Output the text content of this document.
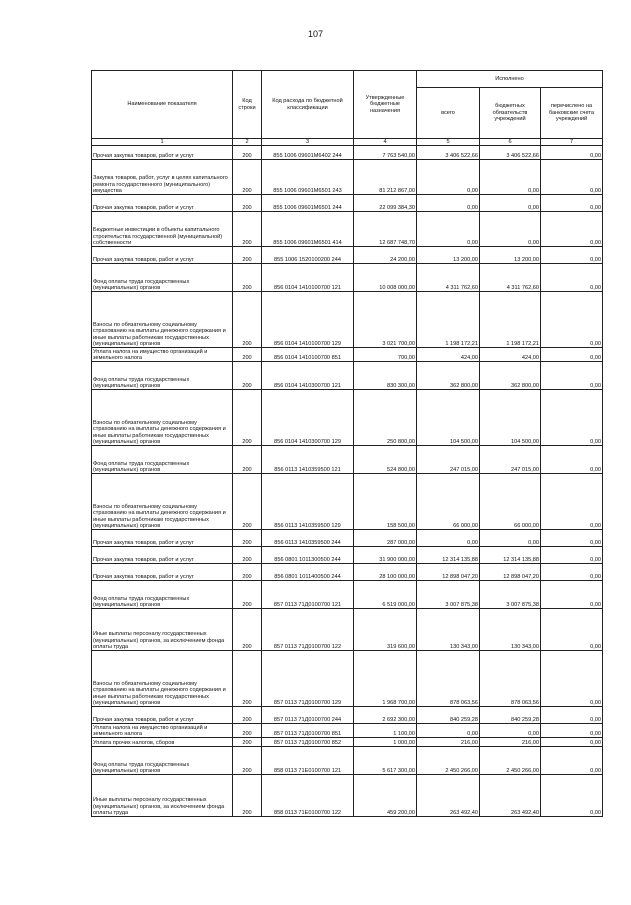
107
Наименование показателя	Код строки	Код расхода по бюджетной классификации	Утвержденные бюджетные назначения	Исполнено		
				всего	бюджетных обязательств учреждений	перечислено на банковские счета учреждений
1	2	3	4	5	6	7
Прочая закупка товаров, работ и услуг	200	855 1006 09601M6402 244	7 763 540,00	3 406 522,66	3 406 522,66	0,00
Закупка товаров, работ, услуг в целях капитального ремонта государственного (муниципального) имущества	200	855 1006 09601M6501 243	81 212 867,00	0,00	0,00	0,00
Прочая закупка товаров, работ и услуг	200	855 1006 09601M6501 244	22 099 384,30	0,00	0,00	0,00
Бюджетные инвестиции в объекты капитального строительства государственной (муниципальной) собственности	200	855 1006 09601M6501 414	12 687 748,70	0,00	0,00	0,00
Прочая закупка товаров, работ и услуг	200	855 1006 1520100200 244	24 200,00	13 200,00	13 200,00	0,00
Фонд оплаты труда государственных (муниципальных) органов	200	856 0104 1410100700 121	10 008 000,00	4 311 762,60	4 311 762,60	0,00
Взносы по обязательному социальному страхованию на выплаты денежного содержания и иные выплаты работникам государственных (муниципальных) органов	200	856 0104 1410100700 129	3 021 700,00	1 198 172,21	1 198 172,21	0,00
Уплата налога на имущество организаций и земельного налога	200	856 0104 1410100700 851	700,00	424,00	424,00	0,00
Фонд оплаты труда государственных (муниципальных) органов	200	856 0104 1410300700 121	830 300,00	362 800,00	362 800,00	0,00
Взносы по обязательному социальному страхованию на выплаты денежного содержания и иные выплаты работникам государственных (муниципальных) органов	200	856 0104 1410300700 129	250 800,00	104 500,00	104 500,00	0,00
Фонд оплаты труда государственных (муниципальных) органов	200	856 0113 1410359500 121	524 800,00	247 015,00	247 015,00	0,00
Взносы по обязательному социальному страхованию на выплаты денежного содержания и иные выплаты работникам государственных (муниципальных) органов	200	856 0113 1410359500 129	158 500,00	66 000,00	66 000,00	0,00
Прочая закупка товаров, работ и услуг	200	856 0113 1410359500 244	287 000,00	0,00	0,00	0,00
Прочая закупка товаров, работ и услуг	200	856 0801 1011300500 244	31 900 000,00	12 314 135,88	12 314 135,88	0,00
Прочая закупка товаров, работ и услуг	200	856 0801 1011400500 244	28 100 000,00	12 898 047,20	12 898 047,20	0,00
Фонд оплаты труда государственных (муниципальных) органов	200	857 0113 71Д0100700 121	6 519 000,00	3 007 875,38	3 007 875,38	0,00
Иные выплаты персоналу государственных (муниципальных) органов, за исключением фонда оплаты труда	200	857 0113 71Д0100700 122	319 600,00	130 343,00	130 343,00	0,00
Взносы по обязательному социальному страхованию на выплаты денежного содержания и иные выплаты работникам государственных (муниципальных) органов	200	857 0113 71Д0100700 129	1 968 700,00	878 063,56	878 063,56	0,00
Прочая закупка товаров, работ и услуг	200	857 0113 71Д0100700 244	2 692 300,00	840 259,28	840 259,28	0,00
Уплата налога на имущество организаций и земельного налога	200	857 0113 71Д0100700 851	1 100,00	0,00	0,00	0,00
Уплата прочих налогов, сборов	200	857 0113 71Д0100700 852	1 000,00	216,00	216,00	0,00
Фонд оплаты труда государственных (муниципальных) органов	200	858 0113 71Е0100700 121	5 617 300,00	2 450 266,00	2 450 266,00	0,00
Иные выплаты персоналу государственных (муниципальных) органов, за исключением фонда оплаты труда	200	858 0113 71Е0100700 122	459 200,00	263 492,40	263 492,40	0,00
